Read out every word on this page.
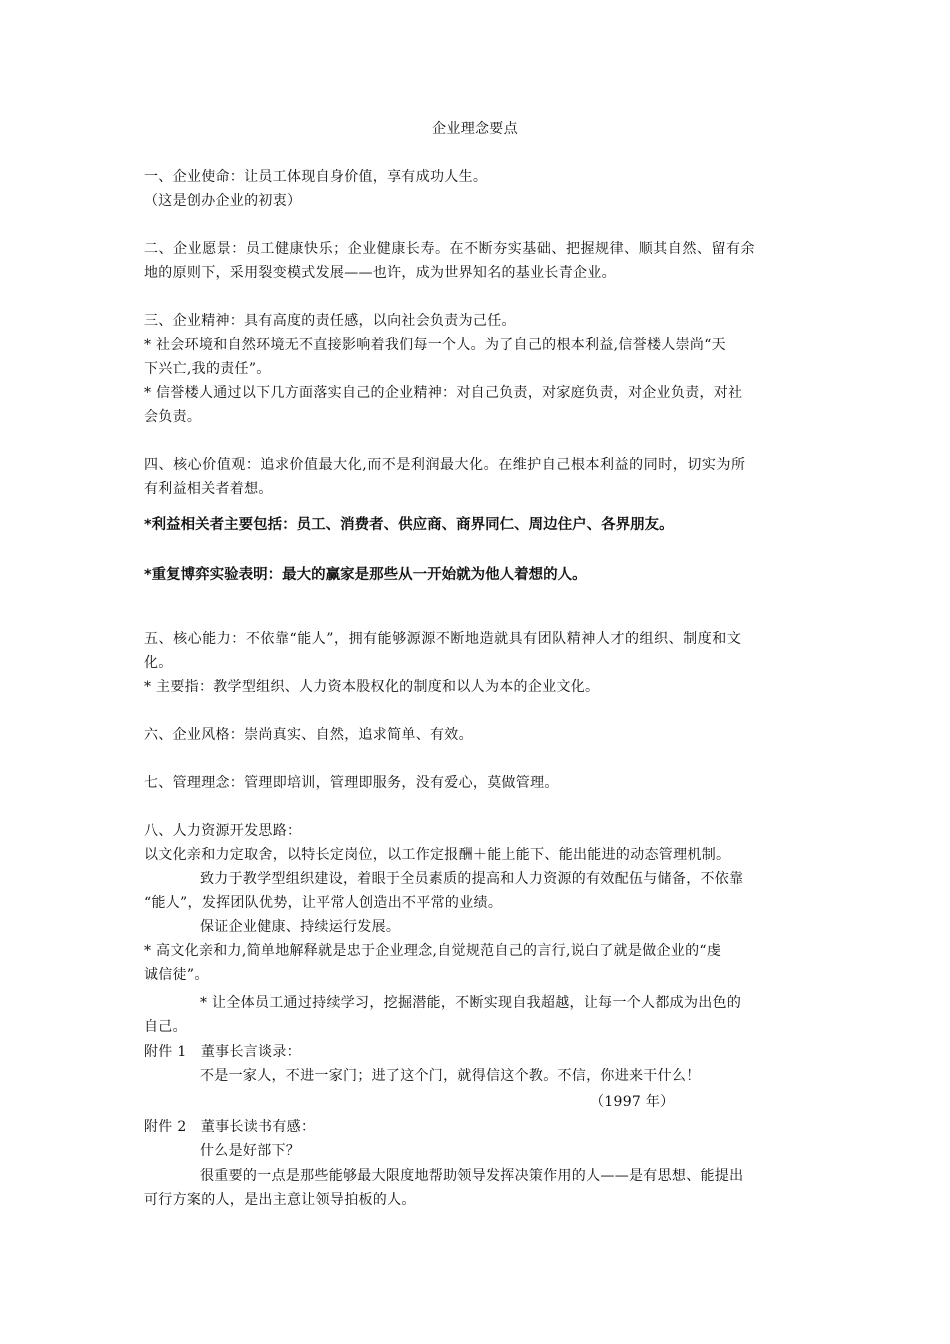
企业理念要点
一、企业使命：让员工体现自身价值，享有成功人生。
（这是创办企业的初衷）
二、企业愿景：员工健康快乐；企业健康长寿。在不断夯实基础、把握规律、顺其自然、留有余
地的原则下，采用裂变模式发展——也许，成为世界知名的基业长青企业。
三、企业精神：具有高度的责任感，以向社会负责为己任。
* 社会环境和自然环境无不直接影响着我们每一个人。为了自己的根本利益,信誉楼人崇尚“天
下兴亡,我的责任”。
* 信誉楼人通过以下几方面落实自己的企业精神：对自己负责，对家庭负责，对企业负责，对社
会负责。
四、核心价值观：追求价值最大化,而不是利润最大化。在维护自己根本利益的同时，切实为所
有利益相关者着想。
*利益相关者主要包括：员工、消费者、供应商、商界同仁、周边住户、各界朋友。
*重复博弈实验表明：最大的赢家是那些从一开始就为他人着想的人。
五、核心能力：不依靠“能人”，拥有能够源源不断地造就具有团队精神人才的组织、制度和文
化。
* 主要指：教学型组织、人力资本股权化的制度和以人为本的企业文化。
六、企业风格：崇尚真实、自然，追求简单、有效。
七、管理理念：管理即培训，管理即服务，没有爱心，莫做管理。
八、人力资源开发思路：
以文化亲和力定取舍，以特长定岗位，以工作定报酬＋能上能下、能出能进的动态管理机制。
致力于教学型组织建设，着眼于全员素质的提高和人力资源的有效配伍与储备，不依靠
“能人”，发挥团队优势，让平常人创造出不平常的业绩。
保证企业健康、持续运行发展。
* 高文化亲和力,简单地解释就是忠于企业理念,自觉规范自己的言行,说白了就是做企业的“虔
诚信徒”。
* 让全体员工通过持续学习，挖掘潜能，不断实现自我超越，让每一个人都成为出色的
自己。
附件 1　董事长言谈录：
不是一家人，不进一家门；进了这个门，就得信这个教。不信，你进来干什么！
（1997 年）
附件 2　董事长读书有感：
什么是好部下？
很重要的一点是那些能够最大限度地帮助领导发挥决策作用的人——是有思想、能提出
可行方案的人，是出主意让领导拍板的人。
